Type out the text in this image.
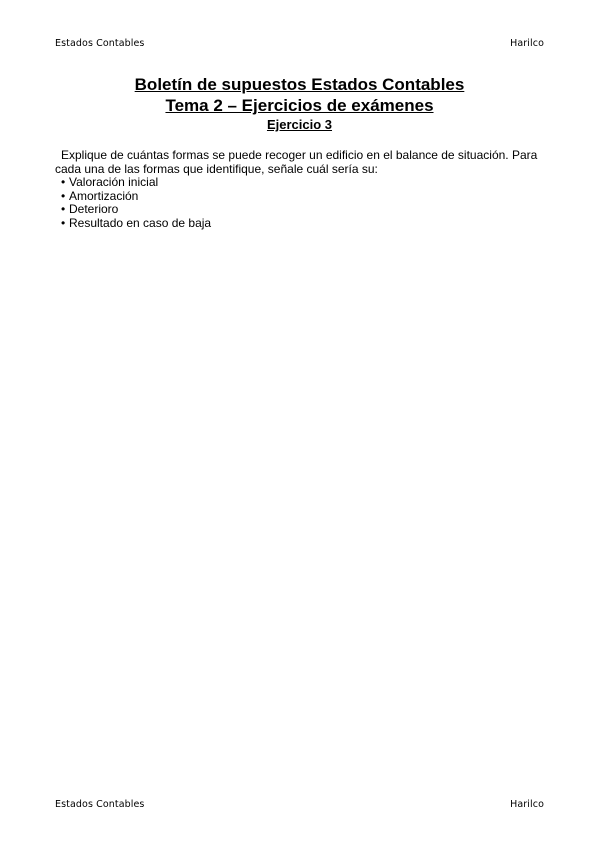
Estados Contables	Harilco
Boletín de supuestos Estados Contables
Tema 2 – Ejercicios de exámenes
Ejercicio 3
Explique de cuántas formas se puede recoger un edificio en el balance de situación. Para cada una de las formas que identifique, señale cuál sería su:
• Valoración inicial
• Amortización
• Deterioro
• Resultado en caso de baja
Estados Contables	Harilco
